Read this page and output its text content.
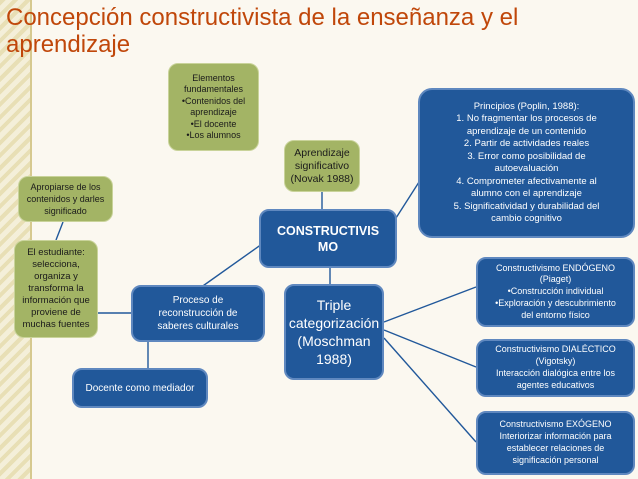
Concepción constructivista de la enseñanza y el aprendizaje
Elementos
fundamentales
•Contenidos del
aprendizaje
•El docente
•Los alumnos
Aprendizaje
significativo
(Novak 1988)
Principios (Poplin, 1988):
1. No fragmentar los procesos de
aprendizaje de un contenido
2. Partir de actividades reales
3. Error como posibilidad de
autoevaluación
4. Comprometer afectivamente al
alumno con el aprendizaje
5. Significatividad y durabilidad del
cambio cognitivo
Apropiarse de los
contenidos y darles
significado
CONSTRUCTIVIS
MO
El estudiante:
selecciona,
organiza y
transforma la
información que
proviene de
muchas fuentes
Proceso de
reconstrucción de
saberes culturales
Triple
categorización
(Moschman
1988)
Docente como mediador
Constructivismo ENDÓGENO
(Piaget)
•Construcción individual
•Exploración y descubrimiento
del entorno físico
Constructivismo DIALÉCTICO
(Vigotsky)
Interacción dialógica entre los
agentes educativos
Constructivismo EXÓGENO
Interiorizar información para
establecer relaciones de
significación personal
